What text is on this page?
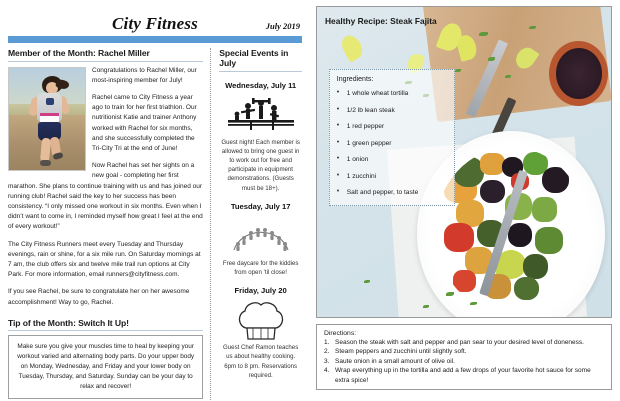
City Fitness	July 2019
Member of the Month: Rachel Miller
Congratulations to Rachel Miller, our most-inspiring member for July!
Rachel came to City Fitness a year ago to train for her first triathlon. Our nutritionist Katie and trainer Anthony worked with Rachel for six months, and she successfully completed the Tri-City Tri at the end of June!
Now Rachel has set her sights on a new goal - completing her first marathon. She plans to continue training with us and has joined our running club! Rachel said the key to her success has been consistency. “I only missed one workout in six months. Even when I didn’t want to come in, I reminded myself how great I feel at the end of every workout!”
The City Fitness Runners meet every Tuesday and Thursday evenings, rain or shine, for a six mile run. On Saturday mornings at 7 am, the club offers six and twelve mile trail run options at City Park. For more information, email runners@cityfitness.com.
If you see Rachel, be sure to congratulate her on her awesome accomplishment! Way to go, Rachel.
Tip of the Month: Switch It Up!
Make sure you give your muscles time to heal by keeping your workout varied and alternating body parts. Do your upper body on Monday, Wednesday, and Friday and your lower body on Tuesday, Thursday, and Saturday. Sunday can be your day to relax and recover!
Special Events in July
Wednesday, July 11
Guest night! Each member is allowed to bring one guest in to work out for free and participate in equipment demonstrations. (Guests must be 18+).
Tuesday, July 17
Free daycare for the kiddies from open ’til close!
Friday, July 20
Guest Chef Ramon teaches us about healthy cooking. 6pm to 8 pm. Reservations required.
Healthy Recipe: Steak Fajita
Ingredients:
• 1 whole wheat tortilla
• 1/2 lb lean steak
• 1 red pepper
• 1 green pepper
• 1 onion
• 1 zucchini
• Salt and pepper, to taste
Directions:
Season the steak with salt and pepper and pan sear to your desired level of doneness.
Steam peppers and zucchini until slightly soft.
Saute onion in a small amount of olive oil.
Wrap everything up in the tortilla and add a few drops of your favorite hot sauce for some extra spice!
